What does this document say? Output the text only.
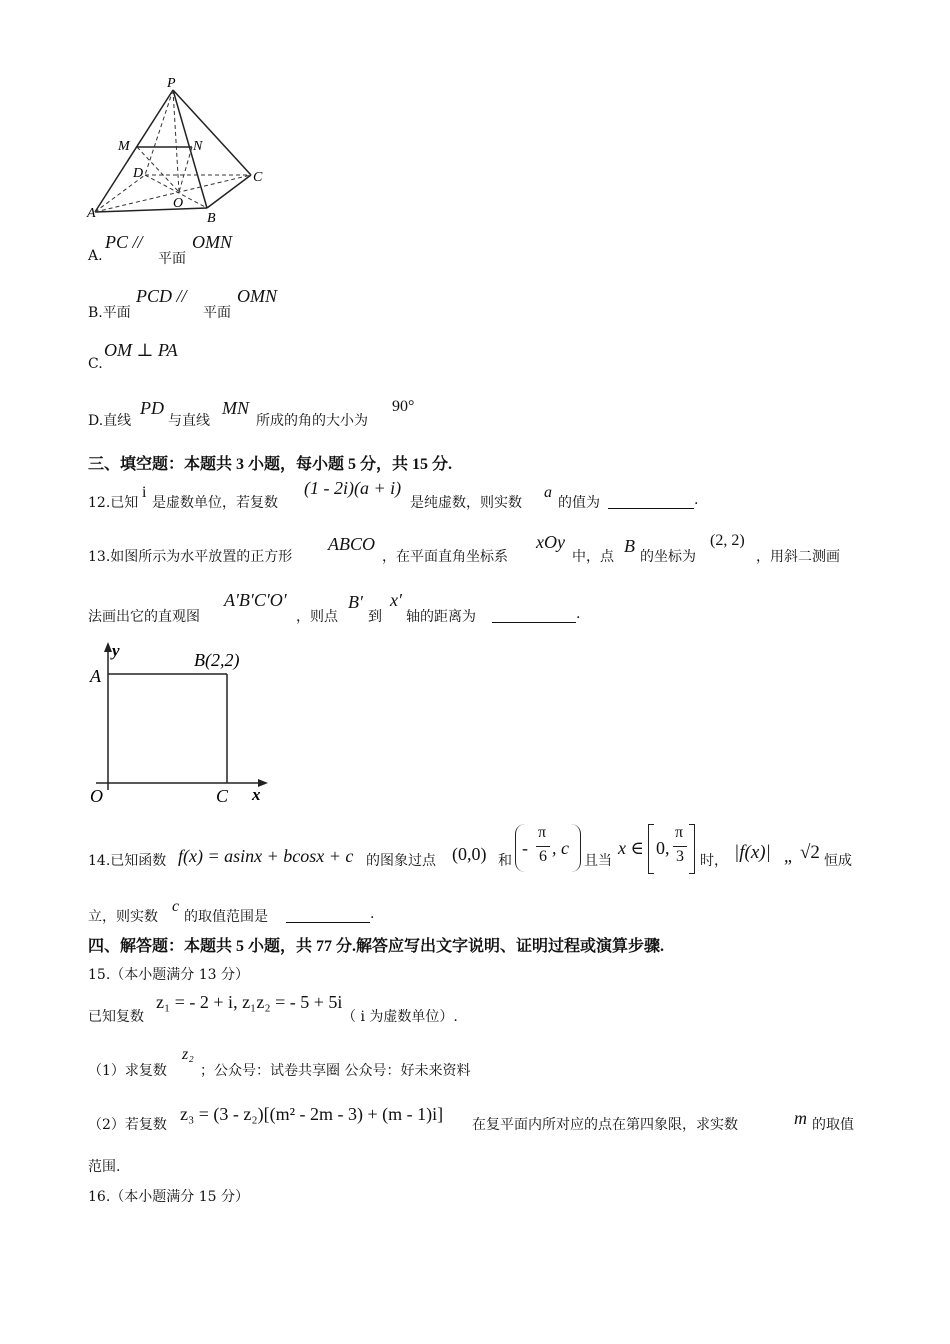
P
M	N
D	C
O
A	B
A.
PC //
平面
OMN
B.平面
PCD //
平面
OMN
C.
OM ⊥ PA
D.直线
PD
与直线
MN
所成的角的大小为
90°
三、填空题：本题共 3 小题，每小题 5 分，共 15 分.
12.已知
i
是虚数单位，若复数
(1 - 2i)(a + i)
是纯虚数，则实数
a
的值为	.
13.如图所示为水平放置的正方形
ABCO
，在平面直角坐标系
xOy
中，点
B
的坐标为
(2, 2)
，用斜二测画
法画出它的直观图
A′B′C′O′
，则点
B′
到
x′
轴的距离为	.
y
x
A
B(2,2)
O	C
14.已知函数 f(x) = asinx + bcosx + c 的图象过点 (0,0) 和
-
π
6 , c
且当
x ∈ 0,
π
3 时， |f(x)| „ √2 恒成
立，则实数
c
的取值范围是	.
四、解答题：本题共 5 小题，共 77 分.解答应写出文字说明、证明过程或演算步骤.
15.（本小题满分 13 分）
已知复数
z₁ = - 2 + i, z₁z₂ = - 5 + 5i
（ i 为虚数单位）.
（1）求复数
z₂
；公众号：试卷共享圈 公众号：好未来资料
（2）若复数
z₃ = (3 - z₂)[(m² - 2m - 3) + (m - 1)i]
在复平面内所对应的点在第四象限，求实数	m 的取值
范围.
16.（本小题满分 15 分）
